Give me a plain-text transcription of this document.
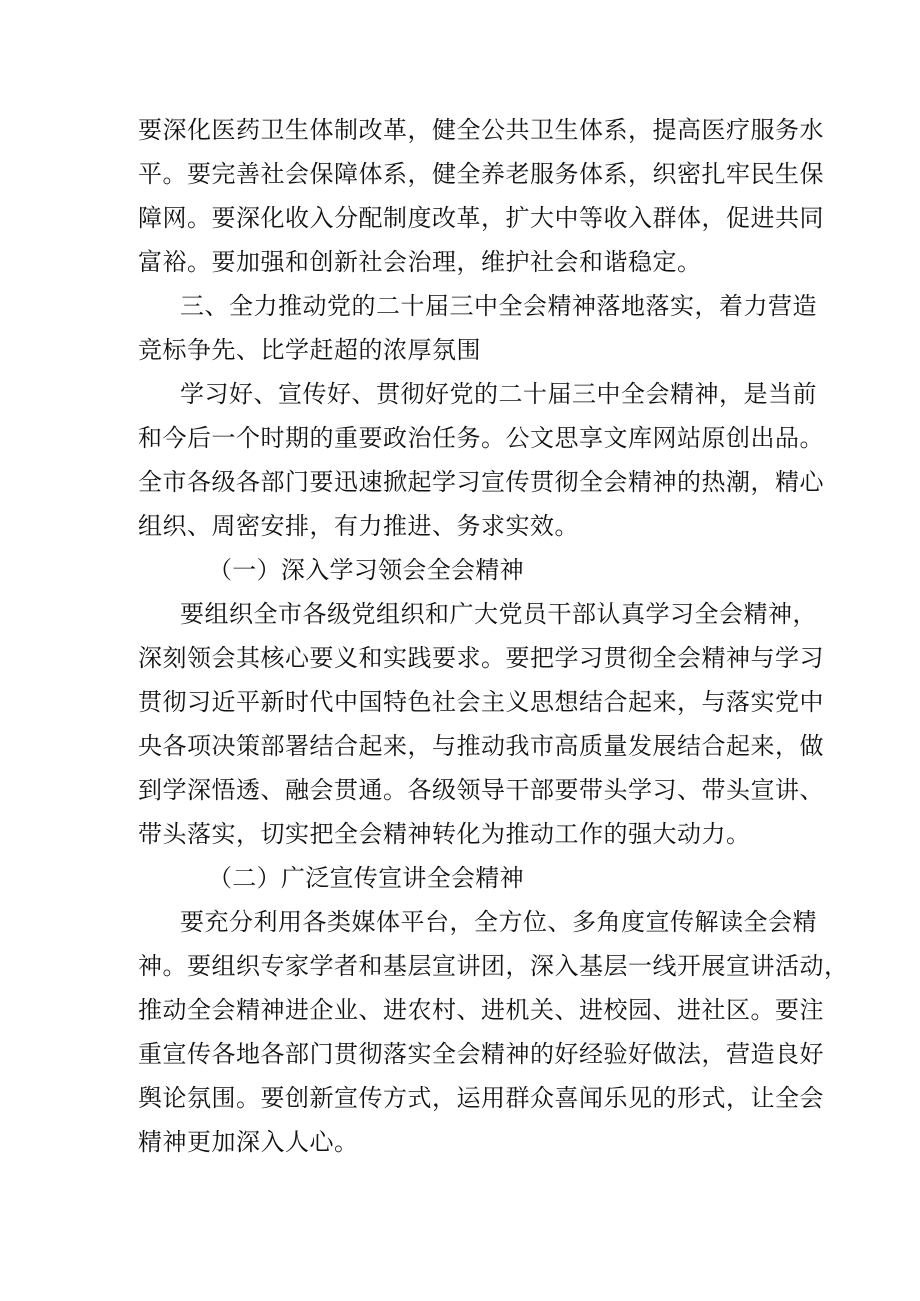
要深化医药卫生体制改革，健全公共卫生体系，提高医疗服务水
平。要完善社会保障体系，健全养老服务体系，织密扎牢民生保
障网。要深化收入分配制度改革，扩大中等收入群体，促进共同
富裕。要加强和创新社会治理，维护社会和谐稳定。
三、全力推动党的二十届三中全会精神落地落实，着力营造
竞标争先、比学赶超的浓厚氛围
学习好、宣传好、贯彻好党的二十届三中全会精神，是当前
和今后一个时期的重要政治任务。公文思享文库网站原创出品。
全市各级各部门要迅速掀起学习宣传贯彻全会精神的热潮，精心
组织、周密安排，有力推进、务求实效。
（一）深入学习领会全会精神
要组织全市各级党组织和广大党员干部认真学习全会精神，
深刻领会其核心要义和实践要求。要把学习贯彻全会精神与学习
贯彻习近平新时代中国特色社会主义思想结合起来，与落实党中
央各项决策部署结合起来，与推动我市高质量发展结合起来，做
到学深悟透、融会贯通。各级领导干部要带头学习、带头宣讲、
带头落实，切实把全会精神转化为推动工作的强大动力。
（二）广泛宣传宣讲全会精神
要充分利用各类媒体平台，全方位、多角度宣传解读全会精
神。要组织专家学者和基层宣讲团，深入基层一线开展宣讲活动，
推动全会精神进企业、进农村、进机关、进校园、进社区。要注
重宣传各地各部门贯彻落实全会精神的好经验好做法，营造良好
舆论氛围。要创新宣传方式，运用群众喜闻乐见的形式，让全会
精神更加深入人心。
